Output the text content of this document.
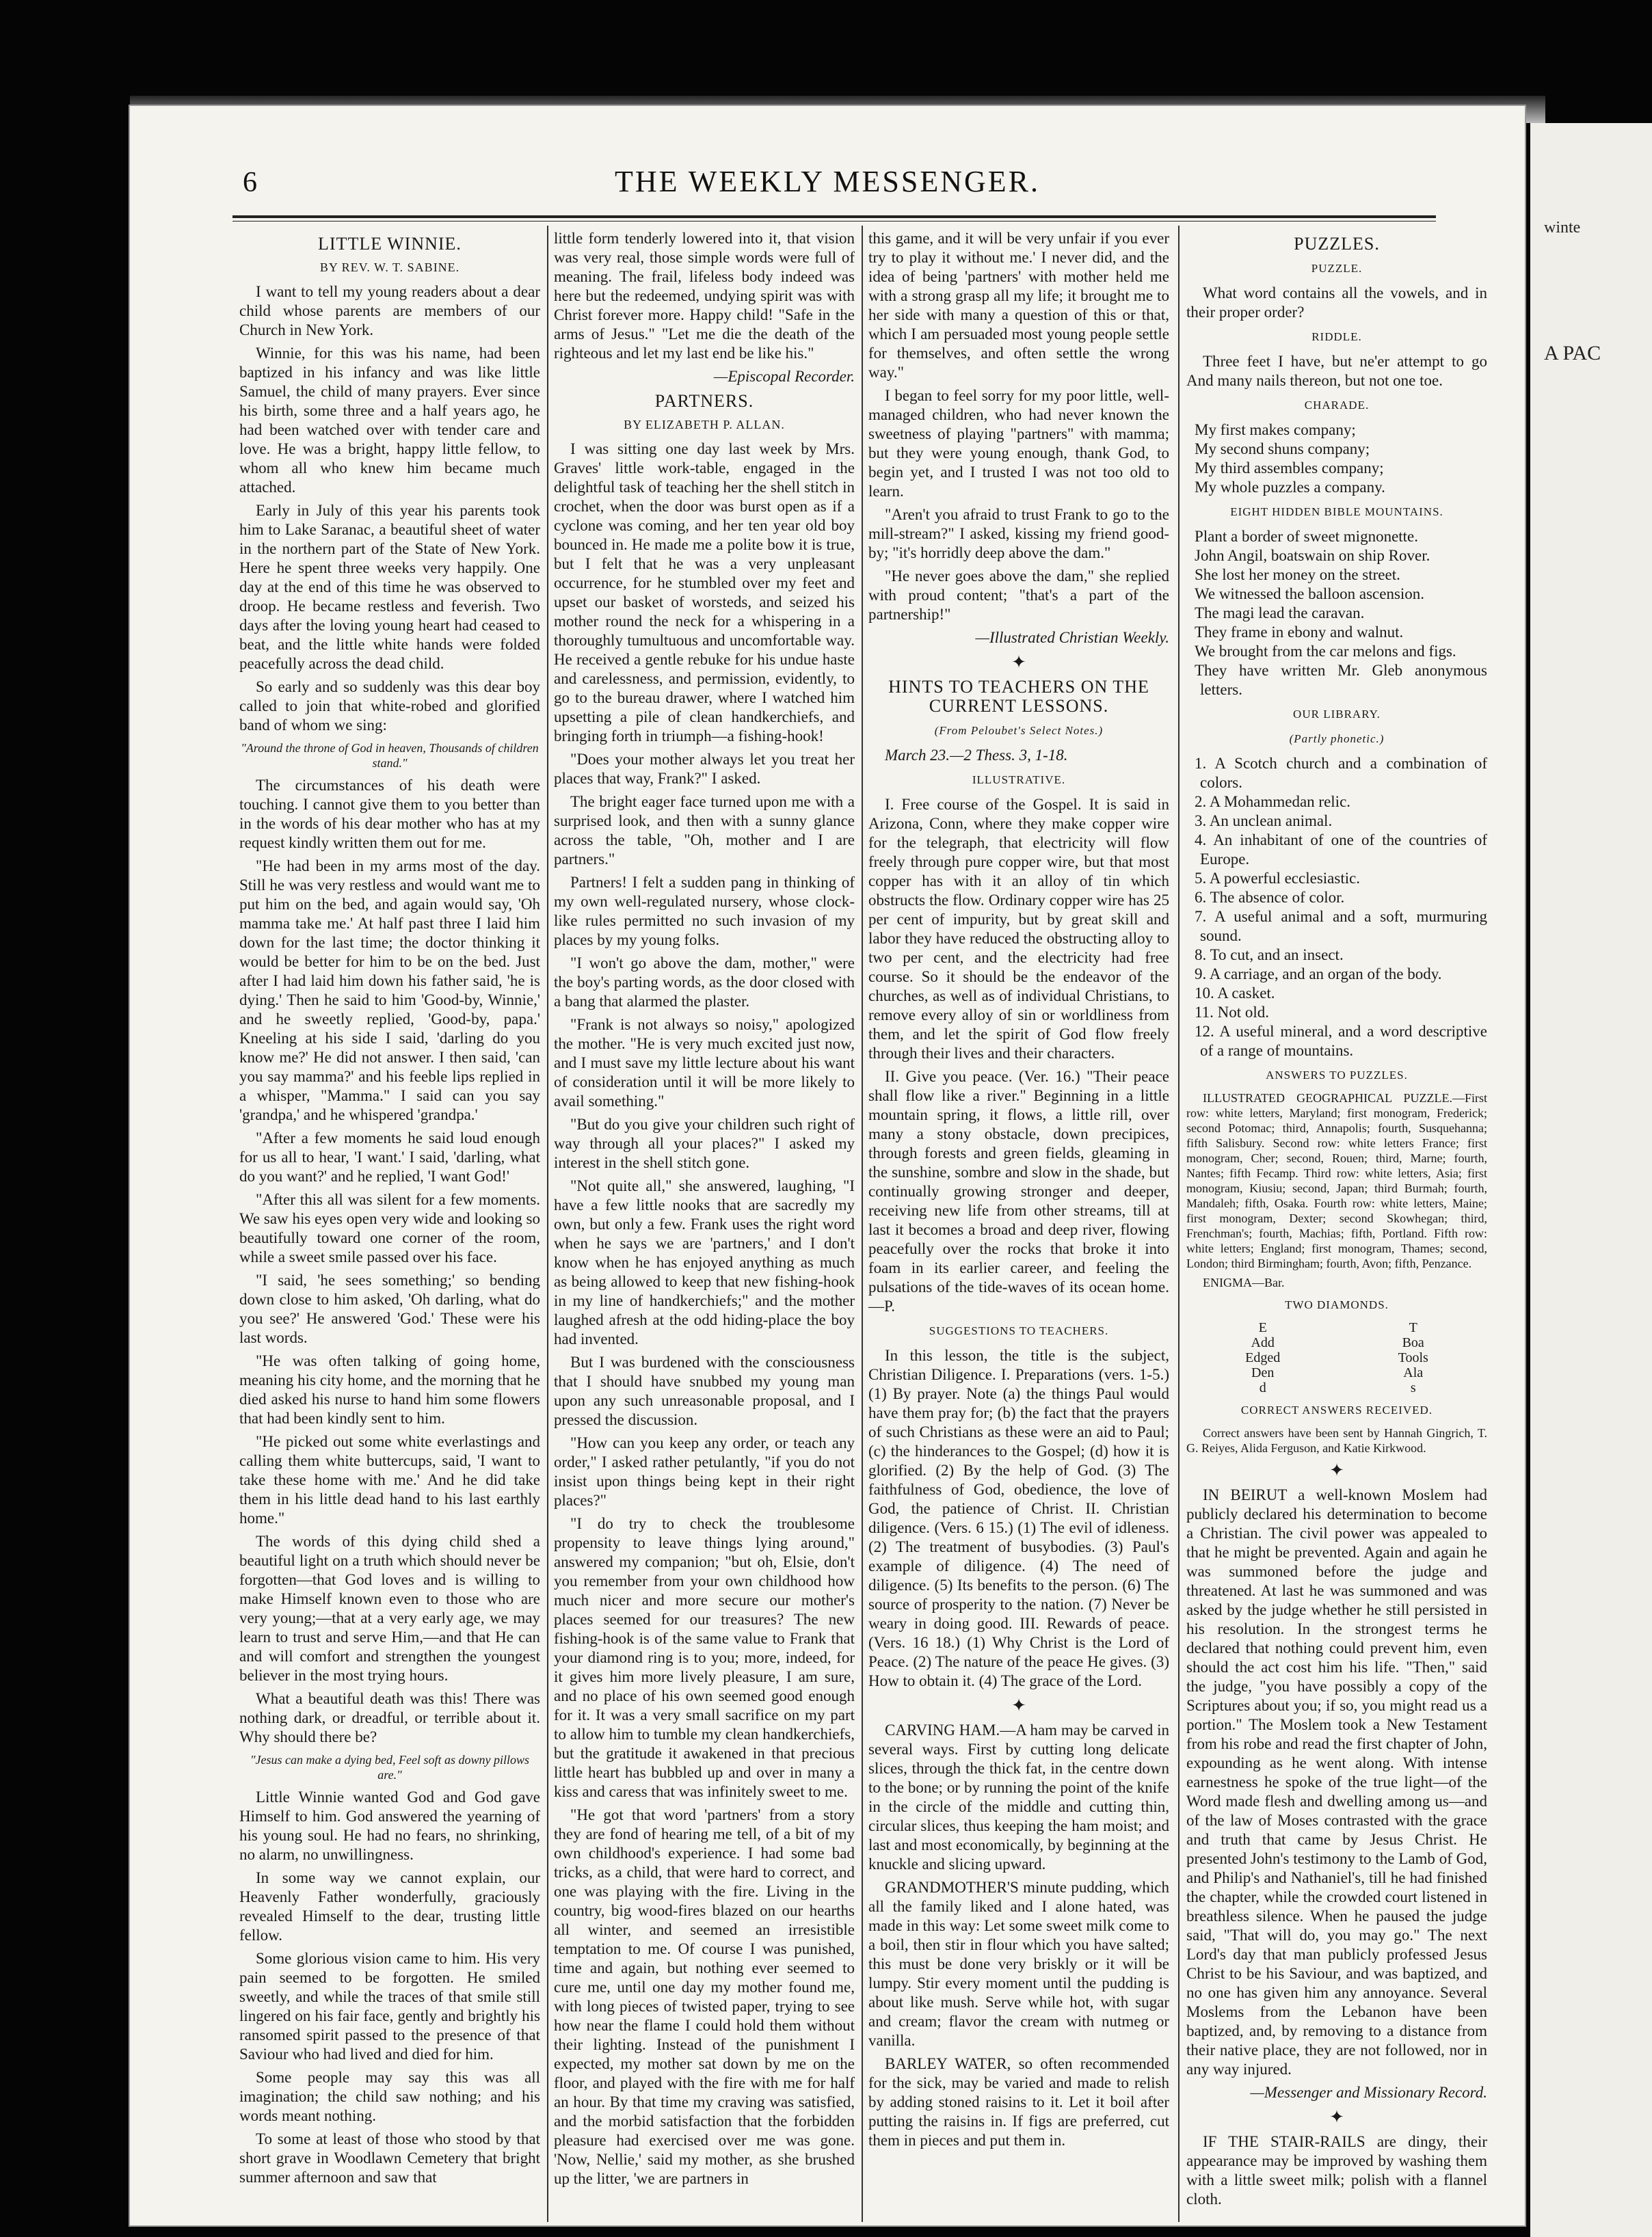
6	THE WEEKLY MESSENGER.
LITTLE WINNIE.
BY REV. W. T. SABINE.

I want to tell my young readers about a dear child whose parents are members of our Church in New York.

Winnie, for this was his name, had been baptized in his infancy and was like little Samuel, the child of many prayers. Ever since his birth, some three and a half years ago, he had been watched over with tender care and love. He was a bright, happy little fellow, to whom all who knew him became much attached.

Early in July of this year his parents took him to Lake Saranac, a beautiful sheet of water in the northern part of the State of New York. Here he spent three weeks very happily. One day at the end of this time he was observed to droop. He became restless and feverish. Two days after the loving young heart had ceased to beat, and the little white hands were folded peacefully across the dead child.

So early and so suddenly was this dear boy called to join that white-robed and glorified band of whom we sing:

"Around the throne of God in heaven, Thousands of children stand."

The circumstances of his death were touching. I cannot give them to you better than in the words of his dear mother who has at my request kindly written them out for me.

"He had been in my arms most of the day. Still he was very restless and would want me to put him on the bed, and again would say, 'Oh mamma take me.' At half past three I laid him down for the last time; the doctor thinking it would be better for him to be on the bed. Just after I had laid him down his father said, 'he is dying.' Then he said to him 'Good-by, Winnie,' and he sweetly replied, 'Good-by, papa.' Kneeling at his side I said, 'darling do you know me?' He did not answer. I then said, 'can you say mamma?' and his feeble lips replied in a whisper, "Mamma." I said can you say 'grandpa,' and he whispered 'grandpa.'

"After a few moments he said loud enough for us all to hear, 'I want.' I said, 'darling, what do you want?' and he replied, 'I want God!'

"After this all was silent for a few moments. We saw his eyes open very wide and looking so beautifully toward one corner of the room, while a sweet smile passed over his face.

"I said, 'he sees something;' so bending down close to him asked, 'Oh darling, what do you see?' He answered 'God.' These were his last words.

"He was often talking of going home, meaning his city home, and the morning that he died asked his nurse to hand him some flowers that had been kindly sent to him.

"He picked out some white everlastings and calling them white buttercups, said, 'I want to take these home with me.' And he did take them in his little dead hand to his last earthly home."

The words of this dying child shed a beautiful light on a truth which should never be forgotten—that God loves and is willing to make Himself known even to those who are very young;—that at a very early age, we may learn to trust and serve Him,—and that He can and will comfort and strengthen the youngest believer in the most trying hours.

What a beautiful death was this! There was nothing dark, or dreadful, or terrible about it. Why should there be?

"Jesus can make a dying bed, Feel soft as downy pillows are."

Little Winnie wanted God and God gave Himself to him. God answered the yearning of his young soul. He had no fears, no shrinking, no alarm, no unwillingness.

In some way we cannot explain, our Heavenly Father wonderfully, graciously revealed Himself to the dear, trusting little fellow.

Some glorious vision came to him. His very pain seemed to be forgotten. He smiled sweetly, and while the traces of that smile still lingered on his fair face, gently and brightly his ransomed spirit passed to the presence of that Saviour who had lived and died for him.

Some people may say this was all imagination; the child saw nothing; and his words meant nothing.

To some at least of those who stood by that short grave in Woodlawn Cemetery that bright summer afternoon and saw that

little form tenderly lowered into it, that vision was very real, those simple words were full of meaning. The frail, lifeless body indeed was here but the redeemed, undying spirit was with Christ forever more. Happy child! "Safe in the arms of Jesus." "Let me die the death of the righteous and let my last end be like his."

—Episcopal Recorder.
PARTNERS.
BY ELIZABETH P. ALLAN.

I was sitting one day last week by Mrs. Graves' little work-table, engaged in the delightful task of teaching her the shell stitch in crochet, when the door was burst open as if a cyclone was coming, and her ten year old boy bounced in. He made me a polite bow it is true, but I felt that he was a very unpleasant occurrence, for he stumbled over my feet and upset our basket of worsteds, and seized his mother round the neck for a whispering in a thoroughly tumultuous and uncomfortable way. He received a gentle rebuke for his undue haste and carelessness, and permission, evidently, to go to the bureau drawer, where I watched him upsetting a pile of clean handkerchiefs, and bringing forth in triumph—a fishing-hook!

"Does your mother always let you treat her places that way, Frank?" I asked.

The bright eager face turned upon me with a surprised look, and then with a sunny glance across the table, "Oh, mother and I are partners."

Partners! I felt a sudden pang in thinking of my own well-regulated nursery, whose clock-like rules permitted no such invasion of my places by my young folks.

"I won't go above the dam, mother," were the boy's parting words, as the door closed with a bang that alarmed the plaster.

"Frank is not always so noisy," apologized the mother. "He is very much excited just now, and I must save my little lecture about his want of consideration until it will be more likely to avail something."

"But do you give your children such right of way through all your places?" I asked my interest in the shell stitch gone.

"Not quite all," she answered, laughing, "I have a few little nooks that are sacredly my own, but only a few. Frank uses the right word when he says we are 'partners,' and I don't know when he has enjoyed anything as much as being allowed to keep that new fishing-hook in my line of handkerchiefs;" and the mother laughed afresh at the odd hiding-place the boy had invented.

But I was burdened with the consciousness that I should have snubbed my young man upon any such unreasonable proposal, and I pressed the discussion.

"How can you keep any order, or teach any order," I asked rather petulantly, "if you do not insist upon things being kept in their right places?"

"I do try to check the troublesome propensity to leave things lying around," answered my companion; "but oh, Elsie, don't you remember from your own childhood how much nicer and more secure our mother's places seemed for our treasures? The new fishing-hook is of the same value to Frank that your diamond ring is to you; more, indeed, for it gives him more lively pleasure, I am sure, and no place of his own seemed good enough for it. It was a very small sacrifice on my part to allow him to tumble my clean handkerchiefs, but the gratitude it awakened in that precious little heart has bubbled up and over in many a kiss and caress that was infinitely sweet to me.

"He got that word 'partners' from a story they are fond of hearing me tell, of a bit of my own childhood's experience. I had some bad tricks, as a child, that were hard to correct, and one was playing with the fire. Living in the country, big wood-fires blazed on our hearths all winter, and seemed an irresistible temptation to me. Of course I was punished, time and again, but nothing ever seemed to cure me, until one day my mother found me, with long pieces of twisted paper, trying to see how near the flame I could hold them without their lighting. Instead of the punishment I expected, my mother sat down by me on the floor, and played with the fire with me for half an hour. By that time my craving was satisfied, and the morbid satisfaction that the forbidden pleasure had exercised over me was gone. 'Now, Nellie,' said my mother, as she brushed up the litter, 'we are partners in

this game, and it will be very unfair if you ever try to play it without me.' I never did, and the idea of being 'partners' with mother held me with a strong grasp all my life; it brought me to her side with many a question of this or that, which I am persuaded most young people settle for themselves, and often settle the wrong way."

I began to feel sorry for my poor little, well-managed children, who had never known the sweetness of playing "partners" with mamma; but they were young enough, thank God, to begin yet, and I trusted I was not too old to learn.

"Aren't you afraid to trust Frank to go to the mill-stream?" I asked, kissing my friend good-by; "it's horridly deep above the dam."

"He never goes above the dam," she replied with proud content; "that's a part of the partnership!"

—Illustrated Christian Weekly.
✦
HINTS TO TEACHERS ON THE CURRENT LESSONS.
(From Peloubet's Select Notes.)

March 23.—2 Thess. 3, 1-18.

ILLUSTRATIVE.

I. Free course of the Gospel. It is said in Arizona, Conn, where they make copper wire for the telegraph, that electricity will flow freely through pure copper wire, but that most copper has with it an alloy of tin which obstructs the flow. Ordinary copper wire has 25 per cent of impurity, but by great skill and labor they have reduced the obstructing alloy to two per cent, and the electricity had free course. So it should be the endeavor of the churches, as well as of individual Christians, to remove every alloy of sin or worldliness from them, and let the spirit of God flow freely through their lives and their characters.

II. Give you peace. (Ver. 16.) "Their peace shall flow like a river." Beginning in a little mountain spring, it flows, a little rill, over many a stony obstacle, down precipices, through forests and green fields, gleaming in the sunshine, sombre and slow in the shade, but continually growing stronger and deeper, receiving new life from other streams, till at last it becomes a broad and deep river, flowing peacefully over the rocks that broke it into foam in its earlier career, and feeling the pulsations of the tide-waves of its ocean home.—P.

SUGGESTIONS TO TEACHERS.

In this lesson, the title is the subject, Christian Diligence. I. Preparations (vers. 1-5.) (1) By prayer. Note (a) the things Paul would have them pray for; (b) the fact that the prayers of such Christians as these were an aid to Paul; (c) the hinderances to the Gospel; (d) how it is glorified. (2) By the help of God. (3) The faithfulness of God, obedience, the love of God, the patience of Christ. II. Christian diligence. (Vers. 6 15.) (1) The evil of idleness. (2) The treatment of busybodies. (3) Paul's example of diligence. (4) The need of diligence. (5) Its benefits to the person. (6) The source of prosperity to the nation. (7) Never be weary in doing good. III. Rewards of peace. (Vers. 16 18.) (1) Why Christ is the Lord of Peace. (2) The nature of the peace He gives. (3) How to obtain it. (4) The grace of the Lord.

✦

CARVING HAM.—A ham may be carved in several ways. First by cutting long delicate slices, through the thick fat, in the centre down to the bone; or by running the point of the knife in the circle of the middle and cutting thin, circular slices, thus keeping the ham moist; and last and most economically, by beginning at the knuckle and slicing upward.

GRANDMOTHER'S minute pudding, which all the family liked and I alone hated, was made in this way: Let some sweet milk come to a boil, then stir in flour which you have salted; this must be done very briskly or it will be lumpy. Stir every moment until the pudding is about like mush. Serve while hot, with sugar and cream; flavor the cream with nutmeg or vanilla.

BARLEY WATER, so often recommended for the sick, may be varied and made to relish by adding stoned raisins to it. Let it boil after putting the raisins in. If figs are preferred, cut them in pieces and put them in.

PUZZLES.
PUZZLE.

What word contains all the vowels, and in their proper order?

RIDDLE.

Three feet I have, but ne'er attempt to go And many nails thereon, but not one toe.

CHARADE.
My first makes company;
My second shuns company;
My third assembles company;
My whole puzzles a company.
EIGHT HIDDEN BIBLE MOUNTAINS.
Plant a border of sweet mignonette.
John Angil, boatswain on ship Rover.
She lost her money on the street.
We witnessed the balloon ascension.
The magi lead the caravan.
They frame in ebony and walnut.
We brought from the car melons and figs.
They have written Mr. Gleb anonymous letters.
OUR LIBRARY.
(Partly phonetic.)
1. A Scotch church and a combination of colors.
2. A Mohammedan relic.
3. An unclean animal.
4. An inhabitant of one of the countries of Europe.
5. A powerful ecclesiastic.
6. The absence of color.
7. A useful animal and a soft, murmuring sound.
8. To cut, and an insect.
9. A carriage, and an organ of the body.
10. A casket.
11. Not old.
12. A useful mineral, and a word descriptive of a range of mountains.
ANSWERS TO PUZZLES.

ILLUSTRATED GEOGRAPHICAL PUZZLE.—First row: white letters, Maryland; first monogram, Frederick; second Potomac; third, Annapolis; fourth, Susquehanna; fifth Salisbury. Second row: white letters France; first monogram, Cher; second, Rouen; third, Marne; fourth, Nantes; fifth Fecamp. Third row: white letters, Asia; first monogram, Kiusiu; second, Japan; third Burmah; fourth, Mandaleh; fifth, Osaka. Fourth row: white letters, Maine; first monogram, Dexter; second Skowhegan; third, Frenchman's; fourth, Machias; fifth, Portland. Fifth row: white letters; England; first monogram, Thames; second, London; third Birmingham; fourth, Avon; fifth, Penzance.

ENIGMA—Bar.

TWO DIAMONDS.
E
Add
Edged
Den
d
T
Boa
Tools
Ala
s
CORRECT ANSWERS RECEIVED.

Correct answers have been sent by Hannah Gingrich, T. G. Reiyes, Alida Ferguson, and Katie Kirkwood.

✦

IN BEIRUT a well-known Moslem had publicly declared his determination to become a Christian. The civil power was appealed to that he might be prevented. Again and again he was summoned before the judge and threatened. At last he was summoned and was asked by the judge whether he still persisted in his resolution. In the strongest terms he declared that nothing could prevent him, even should the act cost him his life. "Then," said the judge, "you have possibly a copy of the Scriptures about you; if so, you might read us a portion." The Moslem took a New Testament from his robe and read the first chapter of John, expounding as he went along. With intense earnestness he spoke of the true light—of the Word made flesh and dwelling among us—and of the law of Moses contrasted with the grace and truth that came by Jesus Christ. He presented John's testimony to the Lamb of God, and Philip's and Nathaniel's, till he had finished the chapter, while the crowded court listened in breathless silence. When he paused the judge said, "That will do, you may go." The next Lord's day that man publicly professed Jesus Christ to be his Saviour, and was baptized, and no one has given him any annoyance. Several Moslems from the Lebanon have been baptized, and, by removing to a distance from their native place, they are not followed, nor in any way injured.

—Messenger and Missionary Record.
✦

IF THE STAIR-RAILS are dingy, their appearance may be improved by washing them with a little sweet milk; polish with a flannel cloth.

A PAC
winte
